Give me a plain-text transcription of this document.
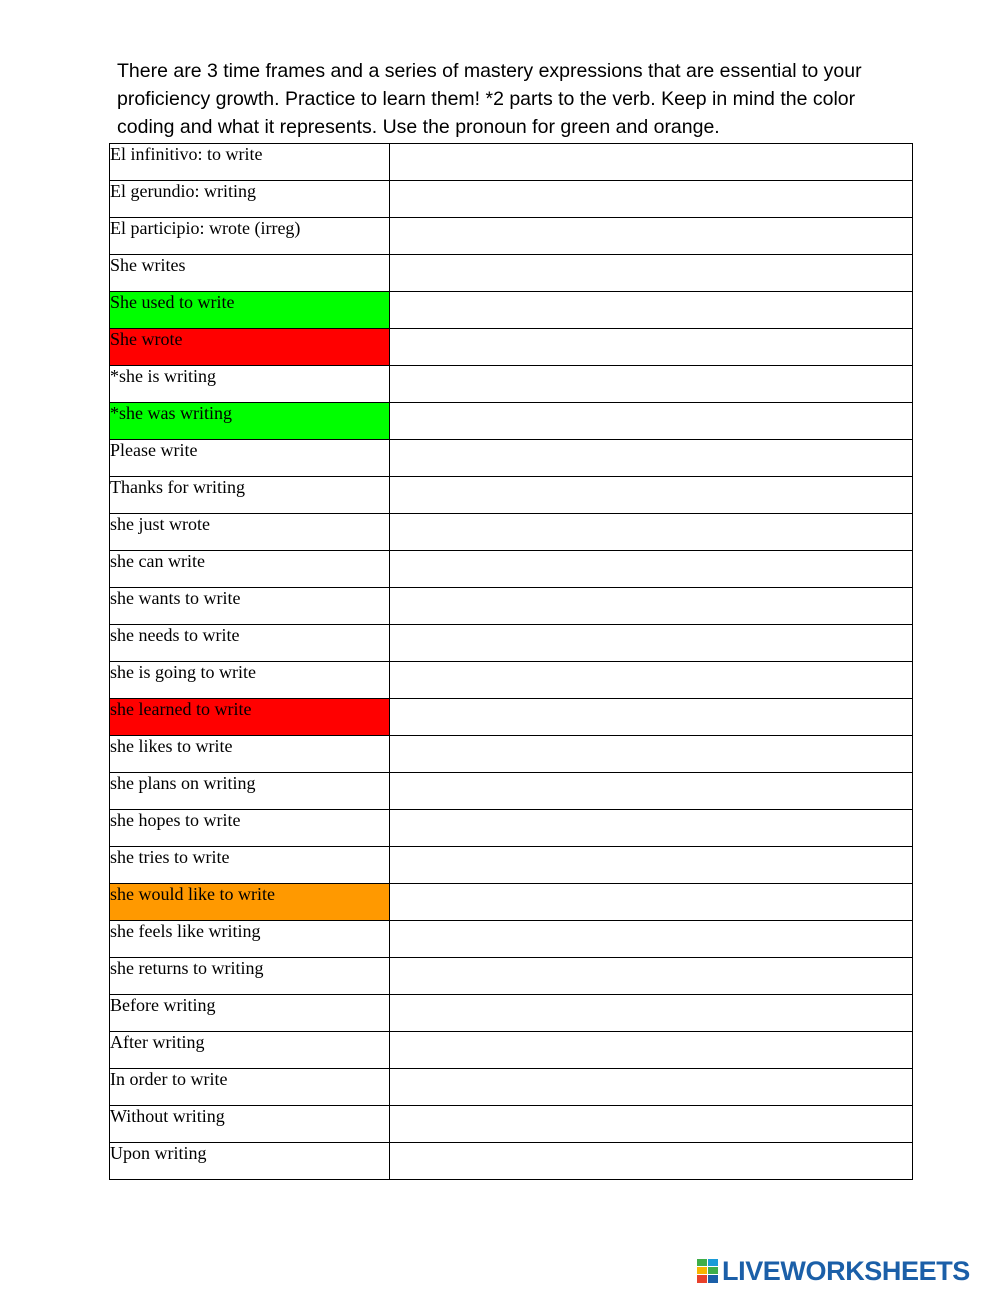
There are 3 time frames and a series of mastery expressions that are essential to your proficiency growth. Practice to learn them! *2 parts to the verb. Keep in mind the color coding and what it represents. Use the pronoun for green and orange.

El infinitivo: to write	

El gerundio: writing	

El participio: wrote (irreg)	

She writes	

She used to write	

She wrote	

*she is writing	

*she was writing	

Please write	

Thanks for writing	

she just wrote	

she can write	

she wants to write	

she needs to write	

she is going to write	

she learned to write	

she likes to write	

she plans on writing	

she hopes to write	

she tries to write	

she would like to write	

she feels like writing	

she returns to writing	

Before writing	

After writing	

In order to write	

Without writing	

Upon writing	
LIVEWORKSHEETS
